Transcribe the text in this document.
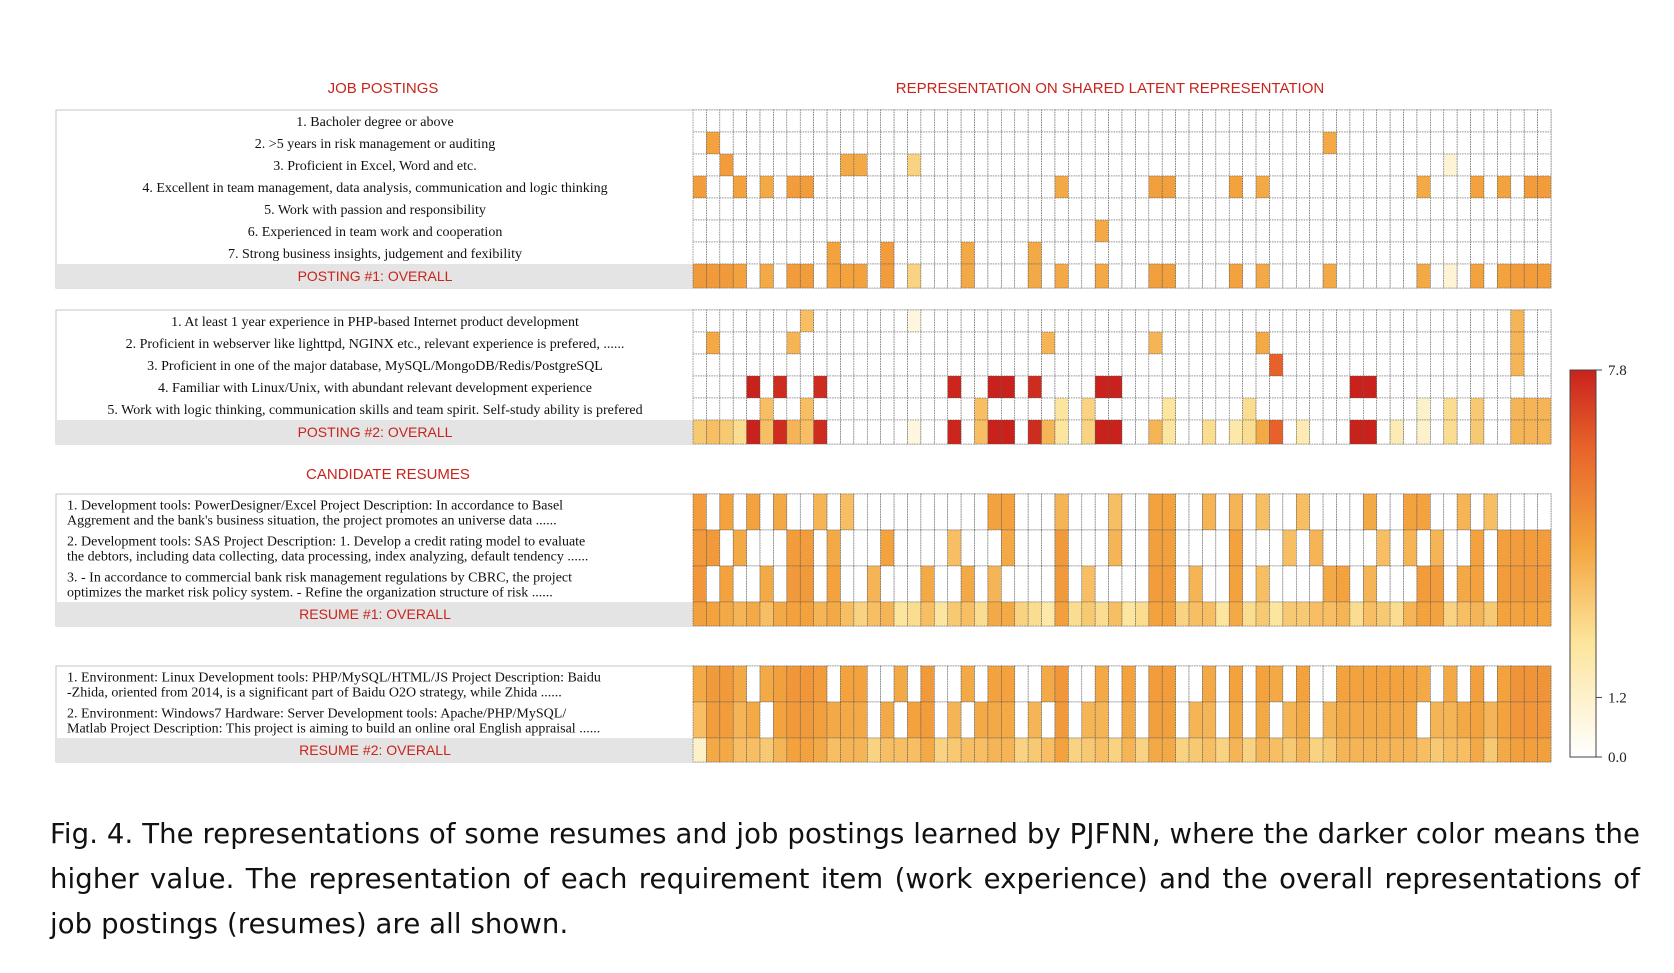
JOB POSTINGS	REPRESENTATION ON SHARED LATENT REPRESENTATION
CANDIDATE RESUMES
1. Bacholer degree or above
2. >5 years in risk management or auditing
3. Proficient in Excel, Word and etc.
4. Excellent in team management, data analysis, communication and logic thinking
5. Work with passion and responsibility
6. Experienced in team work and cooperation
7. Strong business insights, judgement and fexibility
POSTING #1: OVERALL
1. At least 1 year experience in PHP-based Internet product development
2. Proficient in webserver like lighttpd, NGINX etc., relevant experience is prefered, ......
3. Proficient in one of the major database, MySQL/MongoDB/Redis/PostgreSQL
4. Familiar with Linux/Unix, with abundant relevant development experience
5. Work with logic thinking, communication skills and team spirit. Self-study ability is prefered
POSTING #2: OVERALL
1. Development tools: PowerDesigner/Excel Project Description: In accordance to Basel
Aggrement and the bank's business situation, the project promotes an universe data ......
2. Development tools: SAS Project Description: 1. Develop a credit rating model to evaluate
the debtors, including data collecting, data processing, index analyzing, default tendency ......
3. - In accordance to commercial bank risk management regulations by CBRC, the project
optimizes the market risk policy system. - Refine the organization structure of risk ......
RESUME #1: OVERALL
1. Environment: Linux Development tools: PHP/MySQL/HTML/JS Project Description: Baidu
-Zhida, oriented from 2014, is a significant part of Baidu O2O strategy, while Zhida ......
2. Environment: Windows7 Hardware: Server Development tools: Apache/PHP/MySQL/
Matlab Project Description: This project is aiming to build an online oral English appraisal ......
RESUME #2: OVERALL
7.8
1.2
0.0
Fig. 4. The representations of some resumes and job postings learned by PJFNN, where the darker color means the higher value. The representation of each requirement item (work experience) and the overall representations of job postings (resumes) are all shown.
